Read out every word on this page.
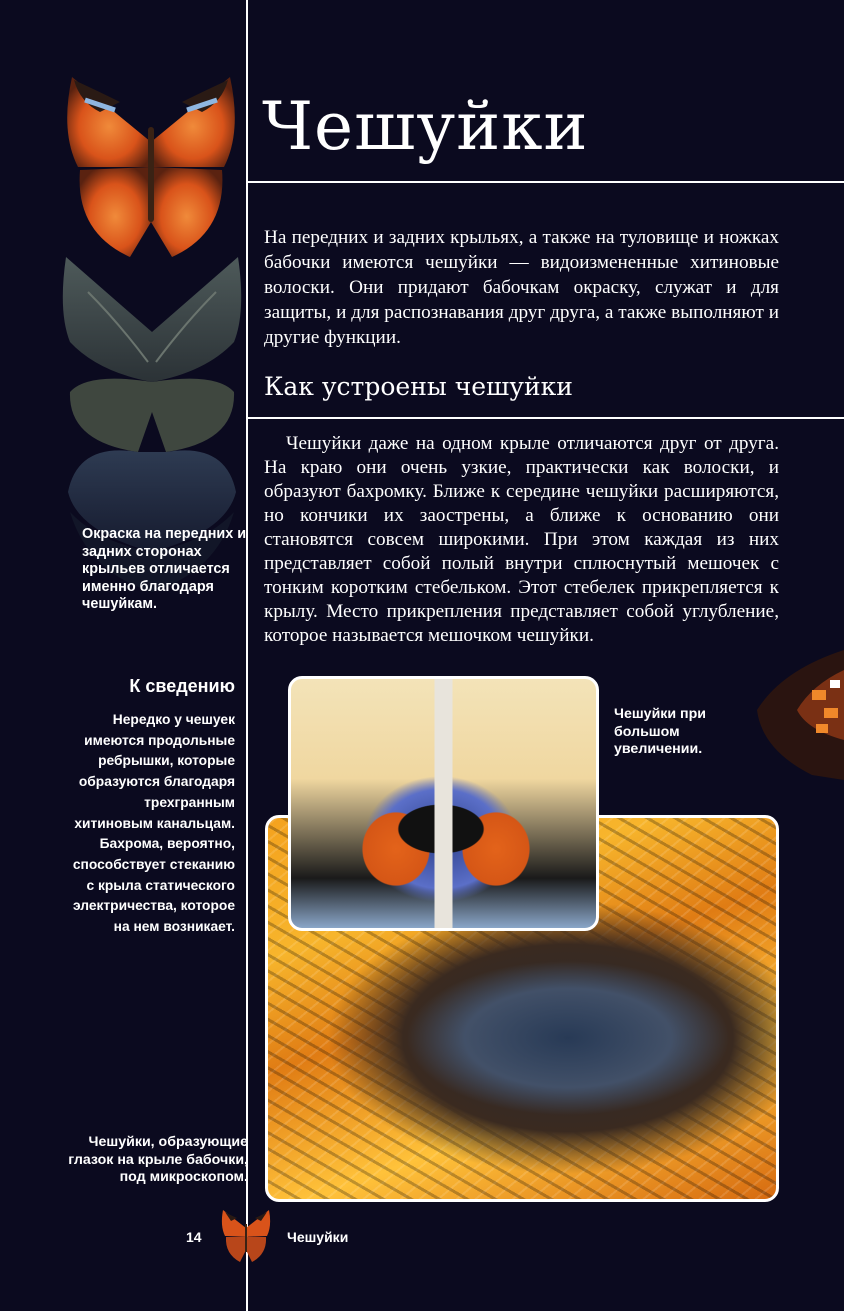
Чешуйки

На передних и задних крыльях, а также на туловище и ножках бабочки имеются чешуйки — видоизмененные хитиновые волоски. Они придают бабочкам окраску, служат и для защиты, и для распознавания друг друга, а также выполняют и другие функции.

Как устроены чешуйки

Чешуйки даже на одном крыле отличаются друг от друга. На краю они очень узкие, практически как волоски, и образуют бахромку. Ближе к середине чешуйки расширяются, но кончики их заострены, а ближе к основанию они становятся совсем широкими. При этом каждая из них представляет собой полый внутри сплюснутый мешочек с тонким коротким стебельком. Этот стебелек прикрепляется к крылу. Место прикрепления представляет собой углубление, которое называется мешочком чешуйки.

Окраска на передних и задних сторонах крыльев отличается именно благодаря чешуйкам.

К сведению

Нередко у чешуек имеются продольные ребрышки, которые образуются благодаря трехгранным хитиновым канальцам. Бахрома, вероятно, способствует стеканию с крыла статического электричества, которое на нем возникает.

Чешуйки, образующие глазок на крыле бабочки, под микроскопом.

Чешуйки при большом увеличении.

14	Чешуйки
